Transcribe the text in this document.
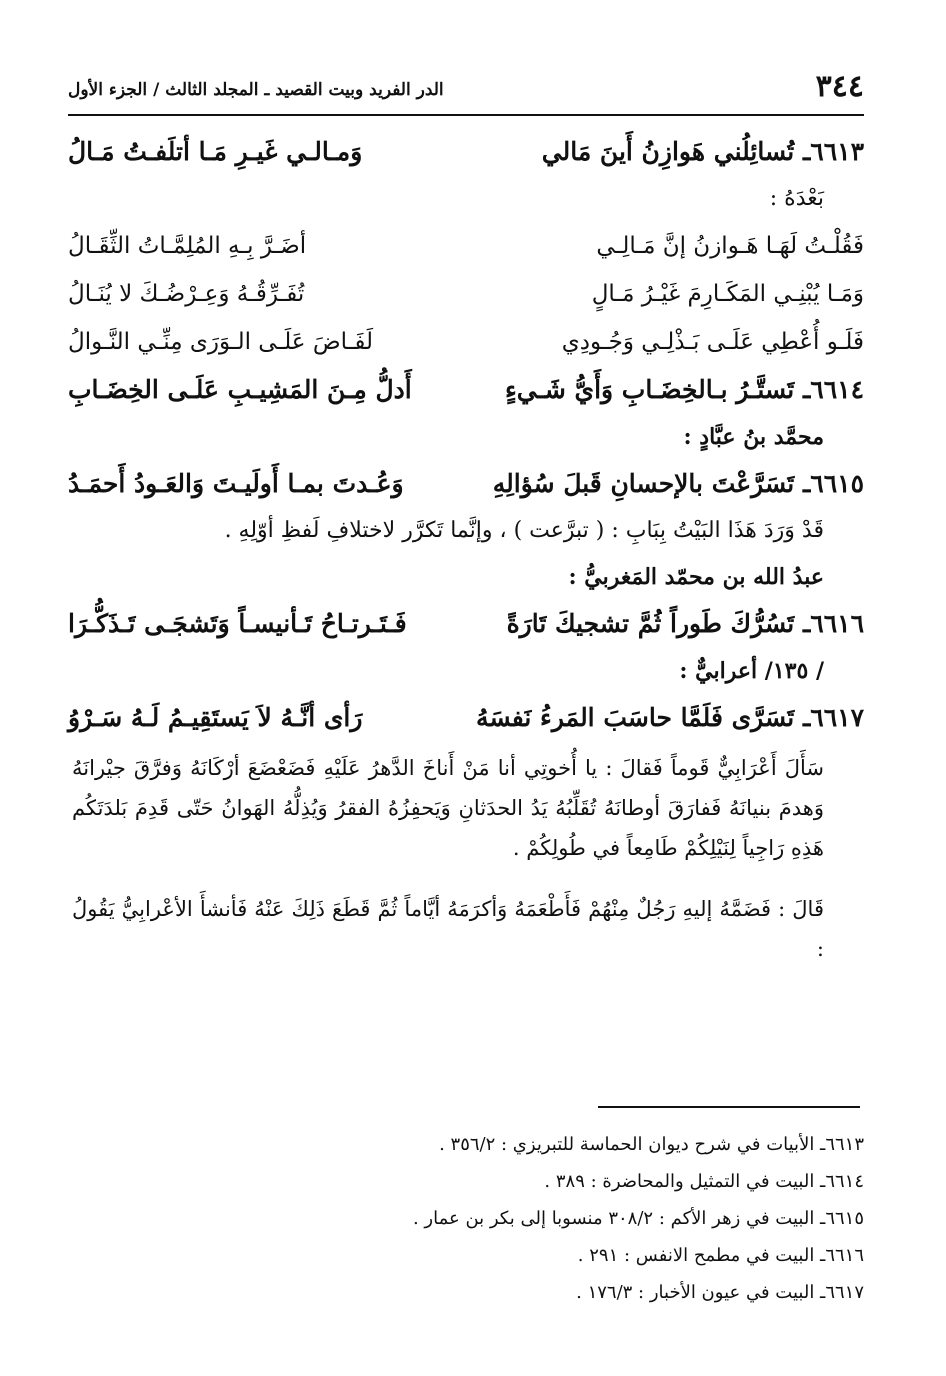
٣٤٤
الدر الفريد وبيت القصيد ـ المجلد الثالث / الجزء الأول
٦٦١٣ـ تُسائِلُني هَوازِنُ أَينَ مَالي
وَمـالـي غَيـرِ مَـا أتلَفـتُ مَـالُ
بَعْدَهُ :
فَقُلْـتُ لَهَـا هَـوازنُ إنَّ مَـالِـي
أضَـرَّ بِـهِ المُلِمَّـاتُ الثِّقَـالُ
وَمَـا يُبْنِـي المَكَـارِمَ غَيْـرُ مَـالٍ
تُفَـرِّقُـهُ وَعِـرْضُـكَ لا يُنَـالُ
فَلَـو أُعْطِي عَلَـى بَـذْلِـي وَجُـودِي
لَفَـاضَ عَلَـى الـوَرَى مِنِّـي النَّـوالُ
٦٦١٤ـ تَستَّـرُ بـالخِضَـابِ وَأَيُّ شَـيءٍ
أَدلُّ مِـنَ المَشِيـبِ عَلَـى الخِضَـابِ
محمَّد بنُ عبَّادٍ :
٦٦١٥ـ تَسَرَّعْتَ بالإحسانِ قَبلَ سُؤالِهِ
وَعُـدتَ بمـا أَولَيـتَ وَالعَـودُ أَحمَـدُ
قَدْ وَرَدَ هَذَا البَيْتُ بِبَابِ : ( تبرَّعت ) ، وإنَّما تَكرَّر لاختلافِ لَفظِ أوّلِهِ .
عبدُ الله بن محمّد المَغربيُّ :
٦٦١٦ـ تَسُرُّكَ طَوراً ثُمَّ تشجيكَ تَارَةً
فَـتَـرتـاحُ تَـأنيسـاً وَتَشجَـى تَـذَكُّـرَا
/ ١٣٥/ أعرابيٌّ :
٦٦١٧ـ تَسَرَّى فَلَمَّا حاسَبَ المَرءُ نَفسَهُ
رَأى أنَّـهُ لاَ يَستَقِيـمُ لَـهُ سَـرْوُ

سَأَلَ أَعْرَابِيٌّ قَوماً فَقالَ : يا أُخوتِي أنا مَنْ أَناخَ الدَّهرُ عَلَيْهِ فَضَعْضَعَ أرْكَانَهُ وَفرَّقَ جيْرانَهُ وَهدمَ بنيانَهُ فَفارَقَ أوطانَهُ تُقَلِّبُهُ يَدُ الحدَثانِ وَيَحفِزُهُ الفقرُ وَيُذِلُّهُ الهَوانُ حَتّى قَدِمَ بَلدَتَكُم هَذِهِ رَاجِياً لِنَيْلِكُمْ طَامِعاً في طُولِكُمْ .

قَالَ : فَضَمَّهُ إليهِ رَجُلٌ مِنْهُمْ فَأَطْعَمَهُ وَأكرَمَهُ أيَّاماً ثُمَّ قَطَعَ ذَلِكَ عَنْهُ فَأنشأَ الأعْرابِيُّ يَقُولُ :

٦٦١٣ـ الأبيات في شرح ديوان الحماسة للتبريزي : ٣٥٦/٢ .
٦٦١٤ـ البيت في التمثيل والمحاضرة : ٣٨٩ .
٦٦١٥ـ البيت في زهر الأكم : ٣٠٨/٢ منسوبا إلى بكر بن عمار .
٦٦١٦ـ البيت في مطمح الانفس : ٢٩١ .
٦٦١٧ـ البيت في عيون الأخبار : ١٧٦/٣ .
